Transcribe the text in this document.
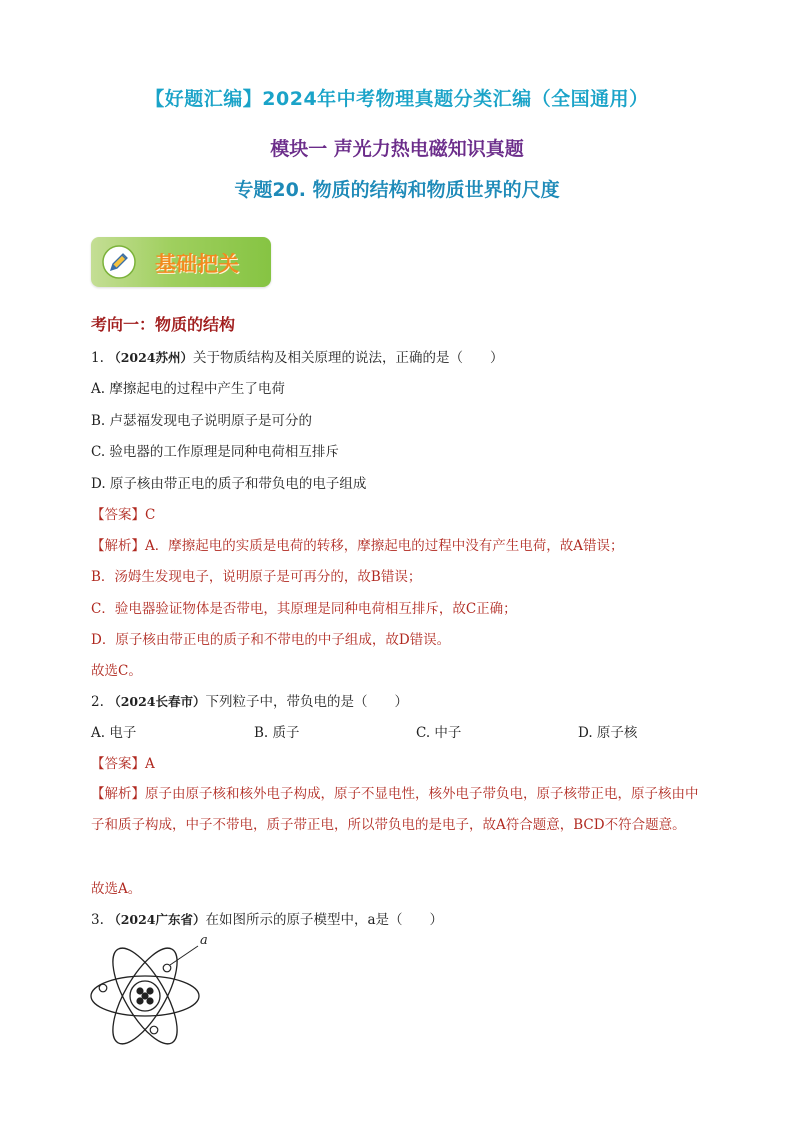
【好题汇编】2024年中考物理真题分类汇编（全国通用）
模块一 声光力热电磁知识真题
专题20. 物质的结构和物质世界的尺度
基础把关
考向一：物质的结构
1. （2024苏州）关于物质结构及相关原理的说法，正确的是（　　）
A. 摩擦起电的过程中产生了电荷
B. 卢瑟福发现电子说明原子是可分的
C. 验电器的工作原理是同种电荷相互排斥
D. 原子核由带正电的质子和带负电的电子组成
【答案】C
【解析】A．摩擦起电的实质是电荷的转移，摩擦起电的过程中没有产生电荷，故A错误；
B．汤姆生发现电子，说明原子是可再分的，故B错误；
C．验电器验证物体是否带电，其原理是同种电荷相互排斥，故C正确；
D．原子核由带正电的质子和不带电的中子组成，故D错误。
故选C。
2. （2024长春市）下列粒子中，带负电的是（　　）
A. 电子	B. 质子	C. 中子	D. 原子核
【答案】A
【解析】原子由原子核和核外电子构成，原子不显电性，核外电子带负电，原子核带正电，原子核由中子和质子构成，中子不带电，质子带正电，所以带负电的是电子，故A符合题意，BCD不符合题意。
故选A。
3. （2024广东省）在如图所示的原子模型中，a是（　　）
a
